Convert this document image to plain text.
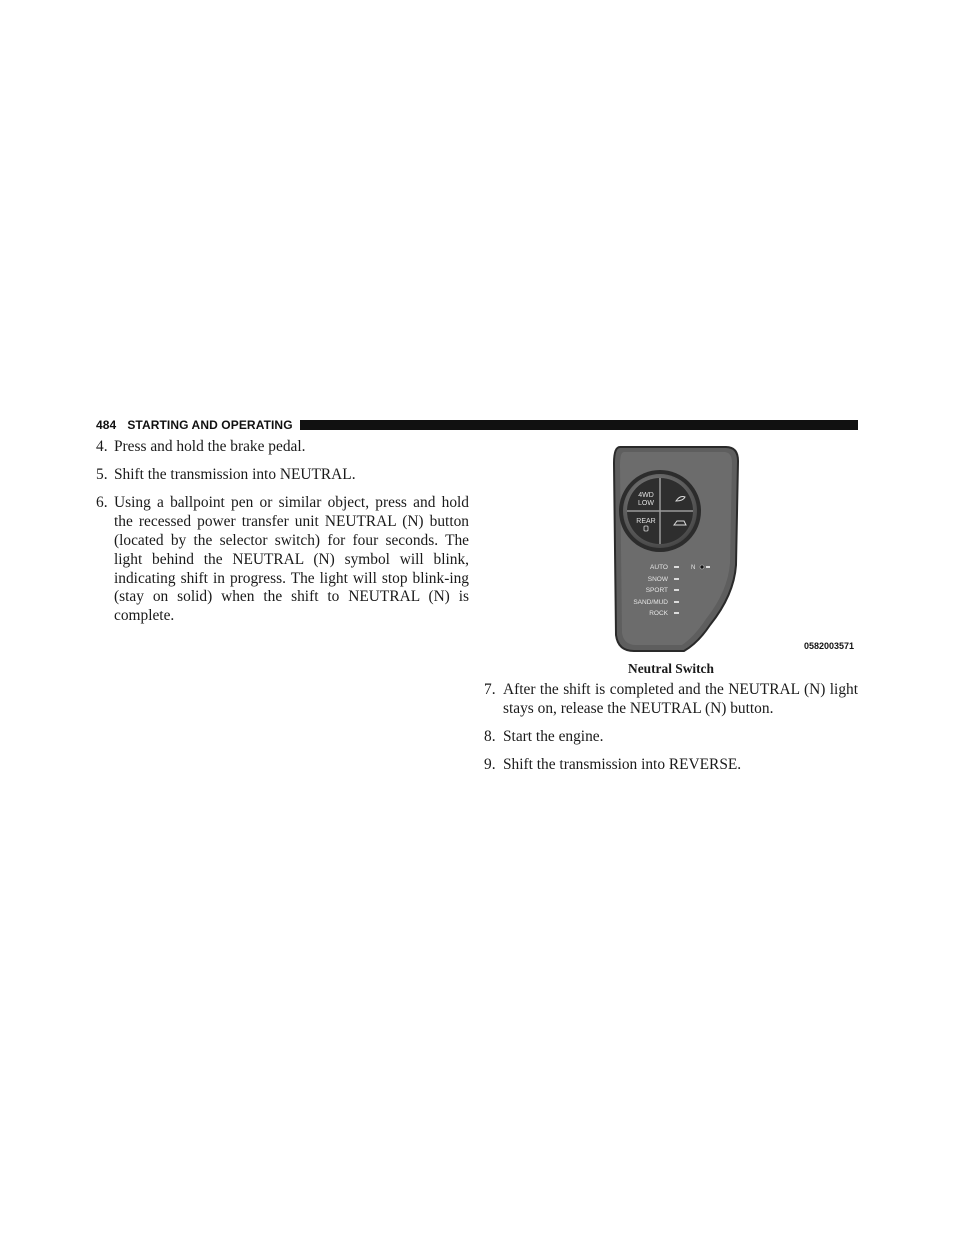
484 STARTING AND OPERATING
4. Press and hold the brake pedal.
5. Shift the transmission into NEUTRAL.
6. Using a ballpoint pen or similar object, press and hold the recessed power transfer unit NEUTRAL (N) button (located by the selector switch) for four seconds. The light behind the NEUTRAL (N) symbol will blink, indicating shift in progress. The light will stop blink-ing (stay on solid) when the shift to NEUTRAL (N) is complete.
4WD
LOW
REAR
N
AUTO
SNOW
SPORT
SAND/MUD
ROCK
0582003571
Neutral Switch
7. After the shift is completed and the NEUTRAL (N) light stays on, release the NEUTRAL (N) button.
8. Start the engine.
9. Shift the transmission into REVERSE.
